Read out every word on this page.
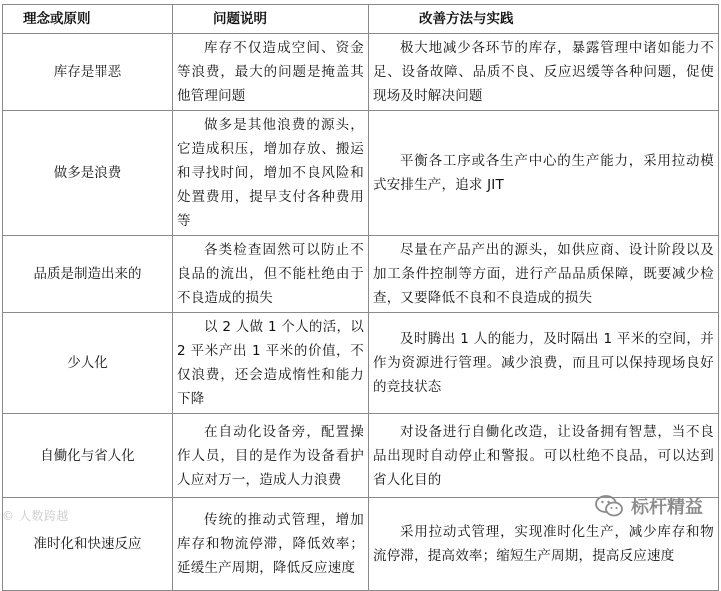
理念或原则	问题说明	改善方法与实践
库存是罪恶	库存不仅造成空间、资金等浪费，最大的问题是掩盖其他管理问题	极大地减少各环节的库存，暴露管理中诸如能力不足、设备故障、品质不良、反应迟缓等各种问题，促使现场及时解决问题
做多是浪费	做多是其他浪费的源头，它造成积压，增加存放、搬运和寻找时间，增加不良风险和处置费用，提早支付各种费用等	平衡各工序或各生产中心的生产能力，采用拉动模式安排生产，追求 JIT
品质是制造出来的	各类检查固然可以防止不良品的流出，但不能杜绝由于不良造成的损失	尽量在产品产出的源头，如供应商、设计阶段以及加工条件控制等方面，进行产品品质保障，既要减少检查，又要降低不良和不良造成的损失
少人化	以 2 人做 1 个人的活，以 2 平米产出 1 平米的价值，不仅浪费，还会造成惰性和能力下降	及时腾出 1 人的能力，及时隔出 1 平米的空间，并作为资源进行管理。减少浪费，而且可以保持现场良好的竞技状态
自働化与省人化	在自动化设备旁，配置操作人员，目的是作为设备看护人应对万一，造成人力浪费	对设备进行自働化改造，让设备拥有智慧，当不良品出现时自动停止和警报。可以杜绝不良品，可以达到省人化目的
准时化和快速反应	传统的推动式管理，增加库存和物流停滞，降低效率；延缓生产周期，降低反应速度	采用拉动式管理，实现准时化生产，减少库存和物流停滞，提高效率；缩短生产周期，提高反应速度
© 人数跨越	标杆精益
